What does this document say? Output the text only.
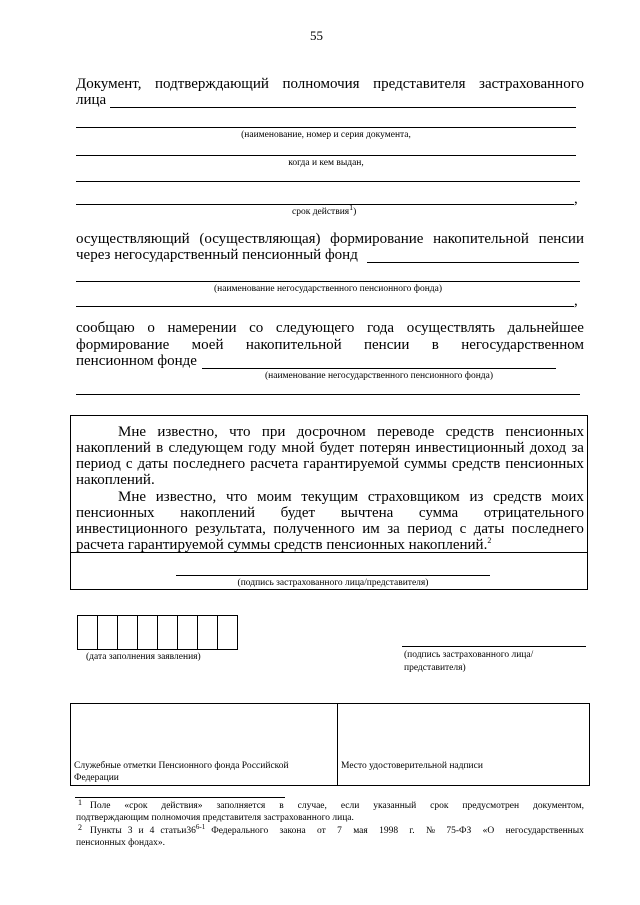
55
Документ, подтверждающий полномочия представителя застрахованного
лица
(наименование, номер и серия документа,
когда и кем выдан,
,
срок действия$^1$)
осуществляющий (осуществляющая) формирование накопительной пенсии
через негосударственный пенсионный фонд
(наименование негосударственного пенсионного фонда)
,
сообщаю о намерении со следующего года осуществлять дальнейшее
формирование моей накопительной пенсии в негосударственном
пенсионном фонде
(наименование негосударственного пенсионного фонда)
Мне известно, что при досрочном переводе средств пенсионных
накоплений в следующем году мной будет потерян инвестиционный доход за
период с даты последнего расчета гарантируемой суммы средств пенсионных
накоплений.
Мне известно, что моим текущим страховщиком из средств моих
пенсионных накоплений будет вычтена сумма отрицательного
инвестиционного результата, полученного им за период с даты последнего
расчета гарантируемой суммы средств пенсионных накоплений.$^2$
(подпись застрахованного лица/представителя)
(дата заполнения заявления)	(подпись застрахованного лица/
представителя)
Служебные отметки Пенсионного фонда Российской
Федерации
Место удостоверительной надписи
1 Поле «срок действия» заполняется в случае, если указанный срок предусмотрен документом,
подтверждающим полномочия представителя застрахованного лица.
2 Пункты 3 и 4 статьи 36$^{6-1}$ Федерального закона от 7 мая 1998 г. № 75-ФЗ «О негосударственных
пенсионных фондах».
